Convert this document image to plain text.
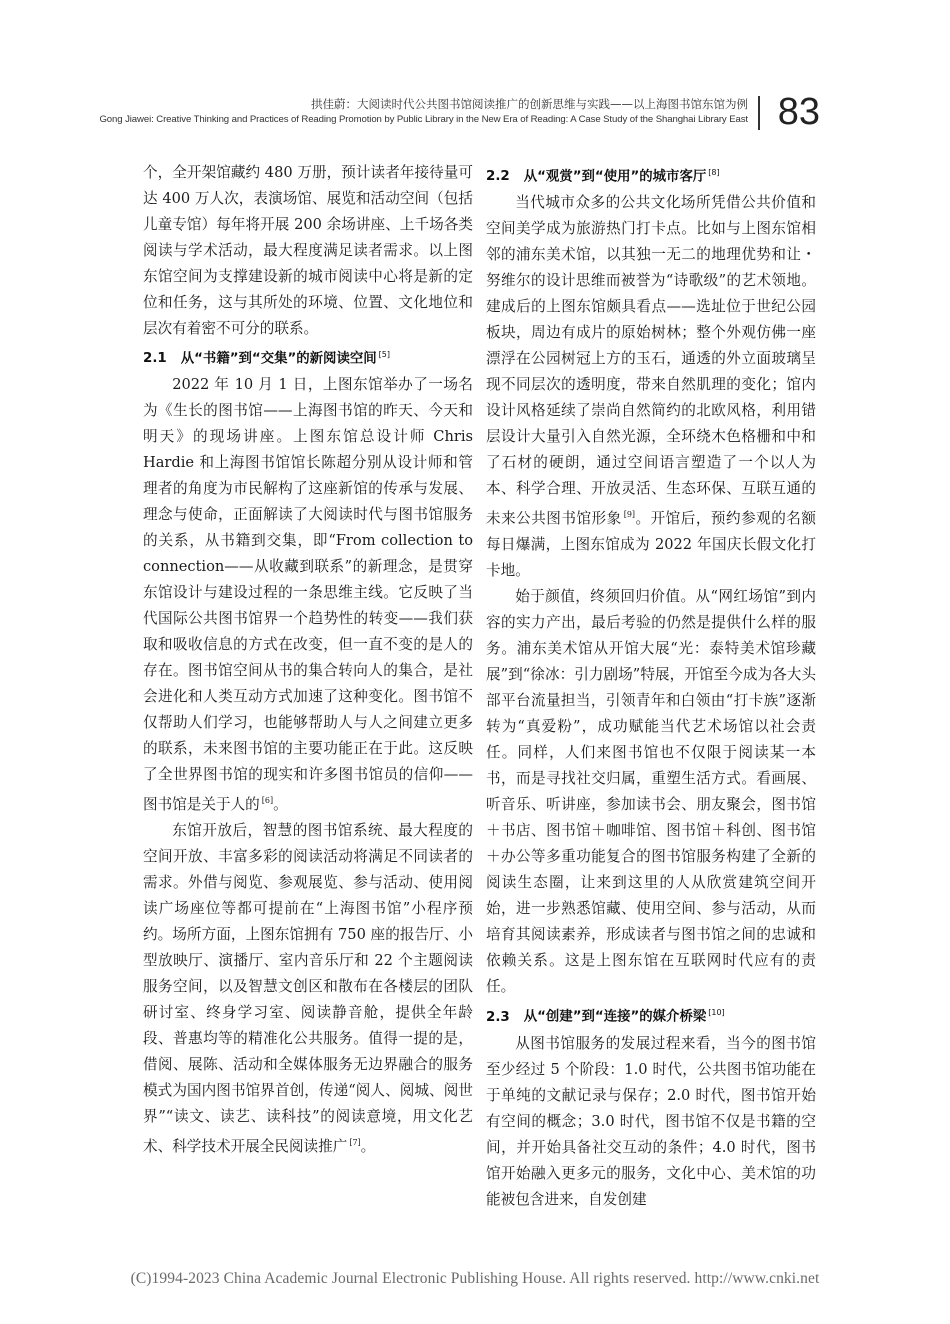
拱佳蔚：大阅读时代公共图书馆阅读推广的创新思维与实践——以上海图书馆东馆为例
Gong Jiawei: Creative Thinking and Practices of Reading Promotion by Public Library in the New Era of Reading: A Case Study of the Shanghai Library East 83

个，全开架馆藏约 480 万册，预计读者年接待量可达 400 万人次，表演场馆、展览和活动空间（包括儿童专馆）每年将开展 200 余场讲座、上千场各类阅读与学术活动，最大程度满足读者需求。以上图东馆空间为支撑建设新的城市阅读中心将是新的定位和任务，这与其所处的环境、位置、文化地位和层次有着密不可分的联系。

2.1 从“书籍”到“交集”的新阅读空间 [5]

2022 年 10 月 1 日，上图东馆举办了一场名为《生长的图书馆——上海图书馆的昨天、今天和明天》的现场讲座。上图东馆总设计师 Chris Hardie 和上海图书馆馆长陈超分别从设计师和管理者的角度为市民解构了这座新馆的传承与发展、理念与使命，正面解读了大阅读时代与图书馆服务的关系，从书籍到交集，即“From collection to connection——从收藏到联系”的新理念，是贯穿东馆设计与建设过程的一条思维主线。它反映了当代国际公共图书馆界一个趋势性的转变——我们获取和吸收信息的方式在改变，但一直不变的是人的存在。图书馆空间从书的集合转向人的集合，是社会进化和人类互动方式加速了这种变化。图书馆不仅帮助人们学习，也能够帮助人与人之间建立更多的联系，未来图书馆的主要功能正在于此。这反映了全世界图书馆的现实和许多图书馆员的信仰——图书馆是关于人的 [6]。

东馆开放后，智慧的图书馆系统、最大程度的空间开放、丰富多彩的阅读活动将满足不同读者的需求。外借与阅览、参观展览、参与活动、使用阅读广场座位等都可提前在“上海图书馆”小程序预约。场所方面，上图东馆拥有 750 座的报告厅、小型放映厅、演播厅、室内音乐厅和 22 个主题阅读服务空间，以及智慧文创区和散布在各楼层的团队研讨室、终身学习室、阅读静音舱，提供全年龄段、普惠均等的精准化公共服务。值得一提的是，借阅、展陈、活动和全媒体服务无边界融合的服务模式为国内图书馆界首创，传递“阅人、阅城、阅世界”“读文、读艺、读科技”的阅读意境，用文化艺术、科学技术开展全民阅读推广 [7]。

2.2 从“观赏”到“使用”的城市客厅 [8]

当代城市众多的公共文化场所凭借公共价值和空间美学成为旅游热门打卡点。比如与上图东馆相邻的浦东美术馆，以其独一无二的地理优势和让・努维尔的设计思维而被誉为“诗歌级”的艺术领地。建成后的上图东馆颇具看点——选址位于世纪公园板块，周边有成片的原始树林；整个外观仿佛一座漂浮在公园树冠上方的玉石，通透的外立面玻璃呈现不同层次的透明度，带来自然肌理的变化；馆内设计风格延续了崇尚自然简约的北欧风格，利用错层设计大量引入自然光源，全环绕木色格栅和中和了石材的硬朗，通过空间语言塑造了一个以人为本、科学合理、开放灵活、生态环保、互联互通的未来公共图书馆形象 [9]。开馆后，预约参观的名额每日爆满，上图东馆成为 2022 年国庆长假文化打卡地。

始于颜值，终须回归价值。从“网红场馆”到内容的实力产出，最后考验的仍然是提供什么样的服务。浦东美术馆从开馆大展“光：泰特美术馆珍藏展”到“徐冰：引力剧场”特展，开馆至今成为各大头部平台流量担当，引领青年和白领由“打卡族”逐渐转为“真爱粉”，成功赋能当代艺术场馆以社会责任。同样，人们来图书馆也不仅限于阅读某一本书，而是寻找社交归属，重塑生活方式。看画展、听音乐、听讲座，参加读书会、朋友聚会，图书馆＋书店、图书馆＋咖啡馆、图书馆＋科创、图书馆＋办公等多重功能复合的图书馆服务构建了全新的阅读生态圈，让来到这里的人从欣赏建筑空间开始，进一步熟悉馆藏、使用空间、参与活动，从而培育其阅读素养，形成读者与图书馆之间的忠诚和依赖关系。这是上图东馆在互联网时代应有的责任。

2.3 从“创建”到“连接”的媒介桥梁 [10]

从图书馆服务的发展过程来看，当今的图书馆至少经过 5 个阶段：1.0 时代，公共图书馆功能在于单纯的文献记录与保存；2.0 时代，图书馆开始有空间的概念；3.0 时代，图书馆不仅是书籍的空间，并开始具备社交互动的条件；4.0 时代，图书馆开始融入更多元的服务，文化中心、美术馆的功能被包含进来，自发创建

(C)1994-2023 China Academic Journal Electronic Publishing House. All rights reserved. http://www.cnki.net
